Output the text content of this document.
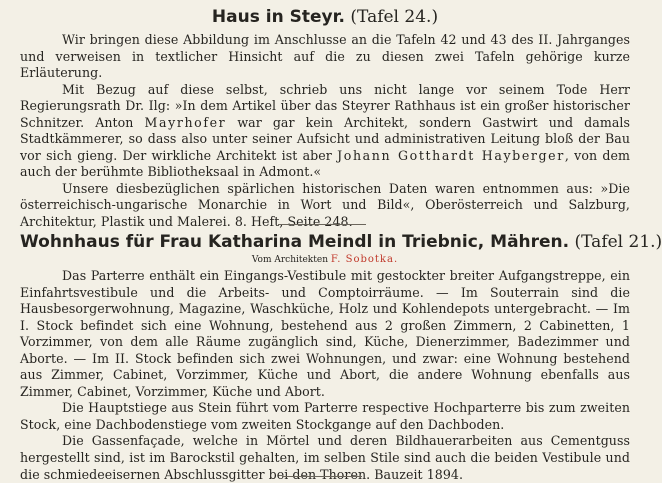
Haus in Steyr. (Tafel 24.)

Wir bringen diese Abbildung im Anschlusse an die Tafeln 42 und 43 des II. Jahrganges und verweisen in textlicher Hinsicht auf die zu diesen zwei Tafeln gehörige kurze Erläuterung.

Mit Bezug auf diese selbst, schrieb uns nicht lange vor seinem Tode Herr Regierungsrath Dr. Ilg: »In dem Artikel über das Steyrer Rathhaus ist ein großer historischer Schnitzer. Anton Mayrhofer war gar kein Architekt, sondern Gastwirt und damals Stadtkämmerer, so dass also unter seiner Aufsicht und administrativen Leitung bloß der Bau vor sich gieng. Der wirkliche Architekt ist aber Johann Gotthardt Hayberger, von dem auch der berühmte Bibliotheksaal in Admont.«

Unsere diesbezüglichen spärlichen historischen Daten waren entnommen aus: »Die österreichisch-ungarische Monarchie in Wort und Bild«, Oberösterreich und Salzburg, Architektur, Plastik und Malerei. 8. Heft, Seite 248.

Wohnhaus für Frau Katharina Meindl in Triebnic, Mähren. (Tafel 21.)
Vom Architekten F. Sobotka.

Das Parterre enthält ein Eingangs-Vestibule mit gestockter breiter Aufgangstreppe, ein Einfahrtsvestibule und die Arbeits- und Comptoirräume. — Im Souterrain sind die Hausbesorgerwohnung, Magazine, Waschküche, Holz und Kohlendepots untergebracht. — Im I. Stock befindet sich eine Wohnung, bestehend aus 2 großen Zimmern, 2 Cabinetten, 1 Vorzimmer, von dem alle Räume zugänglich sind, Küche, Dienerzimmer, Badezimmer und Aborte. — Im II. Stock befinden sich zwei Wohnungen, und zwar: eine Wohnung bestehend aus Zimmer, Cabinet, Vorzimmer, Küche und Abort, die andere Wohnung ebenfalls aus Zimmer, Cabinet, Vorzimmer, Küche und Abort.

Die Hauptstiege aus Stein führt vom Parterre respective Hochparterre bis zum zweiten Stock, eine Dachbodenstiege vom zweiten Stockgange auf den Dachboden.

Die Gassenfaçade, welche in Mörtel und deren Bildhauerarbeiten aus Cementguss hergestellt sind, ist im Barockstil gehalten, im selben Stile sind auch die beiden Vestibule und die schmiedeeisernen Abschlussgitter bei den Thoren. Bauzeit 1894.
